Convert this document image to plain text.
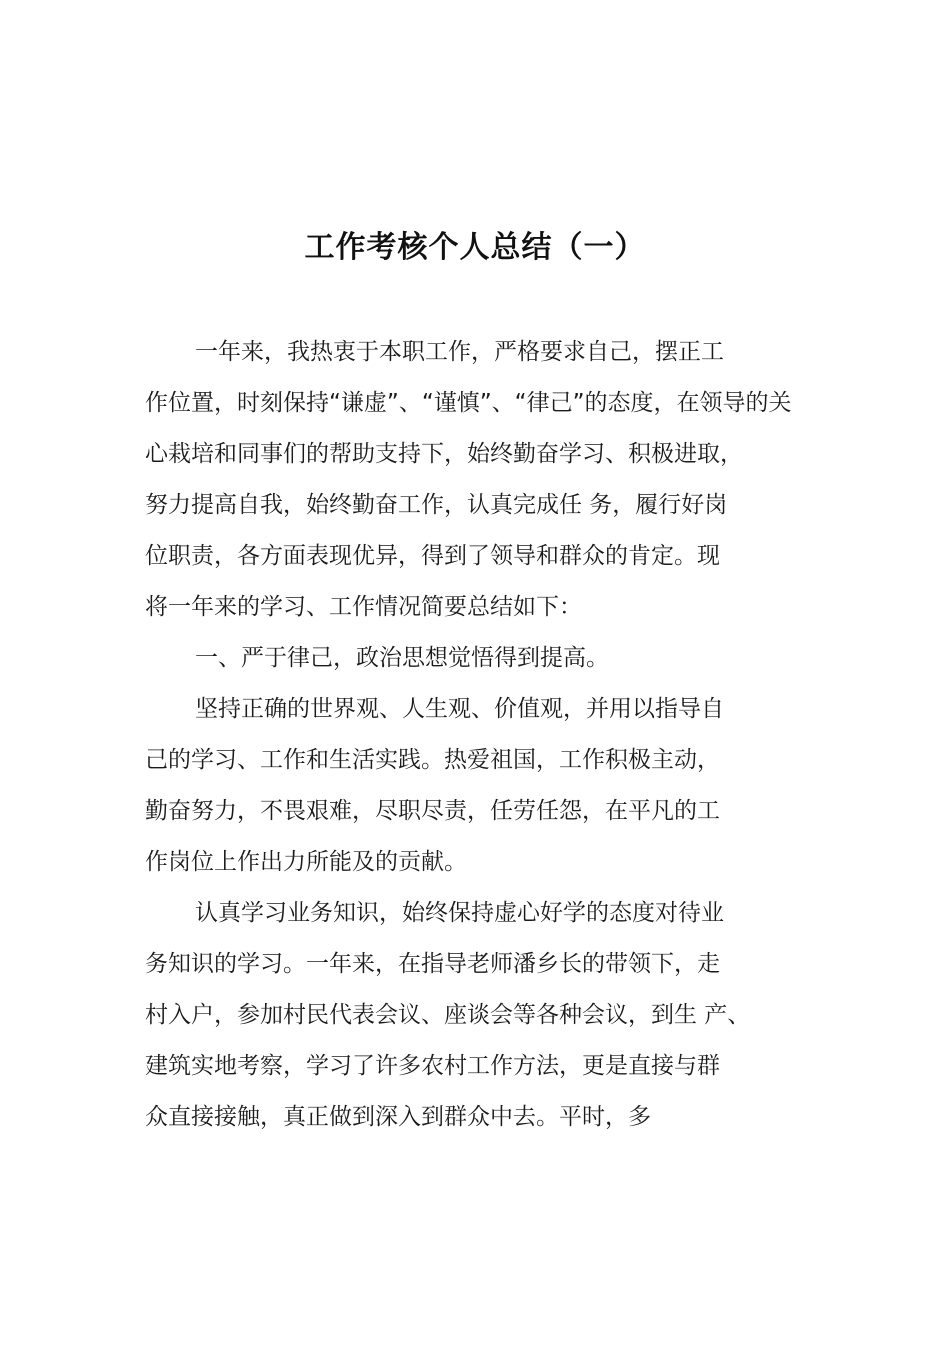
工作考核个人总结（一）
一年来，我热衷于本职工作，严格要求自己，摆正工
作位置，时刻保持“谦虚”、“谨慎”、“律己”的态度，在领导的关
心栽培和同事们的帮助支持下，始终勤奋学习、积极进取，
努力提高自我，始终勤奋工作，认真完成任 务，履行好岗
位职责，各方面表现优异，得到了领导和群众的肯定。现
将一年来的学习、工作情况简要总结如下：
一、严于律己，政治思想觉悟得到提高。
坚持正确的世界观、人生观、价值观，并用以指导自
己的学习、工作和生活实践。热爱祖国，工作积极主动，
勤奋努力，不畏艰难，尽职尽责，任劳任怨，在平凡的工
作岗位上作出力所能及的贡献。
认真学习业务知识，始终保持虚心好学的态度对待业
务知识的学习。一年来，在指导老师潘乡长的带领下，走
村入户，参加村民代表会议、座谈会等各种会议，到生 产、
建筑实地考察，学习了许多农村工作方法，更是直接与群
众直接接触，真正做到深入到群众中去。平时，多
